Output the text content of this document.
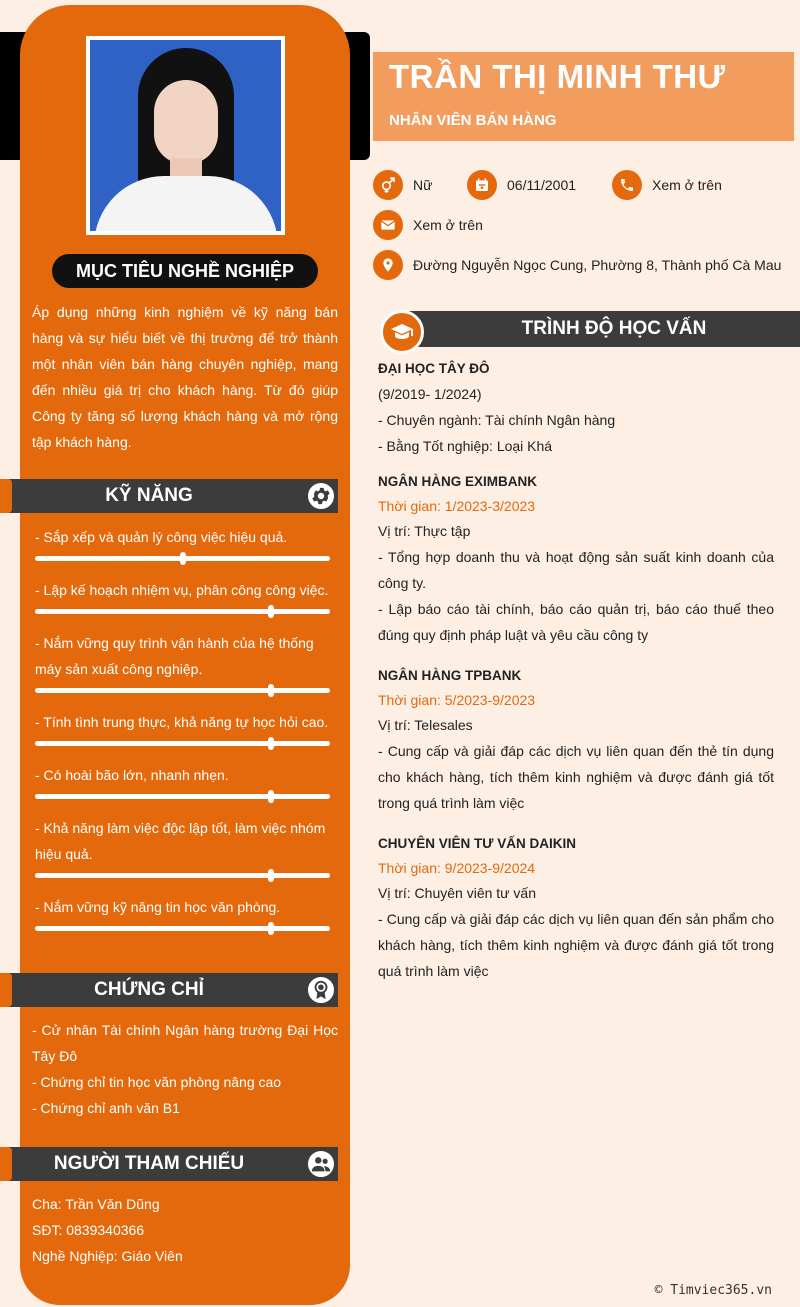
MỤC TIÊU NGHỀ NGHIỆP
Áp dụng những kinh nghiệm về kỹ năng bán hàng và sự hiểu biết về thị trường để trở thành một nhân viên bán hàng chuyên nghiệp, mang đến nhiều giá trị cho khách hàng. Từ đó giúp Công ty tăng số lượng khách hàng và mở rộng tập khách hàng.
KỸ NĂNG
- Sắp xếp và quản lý công việc hiệu quả.
- Lập kế hoạch nhiệm vụ, phân công công việc.
- Nắm vững quy trình vận hành của hệ thống máy sản xuất công nghiệp.
- Tính tình trung thực, khả năng tự học hỏi cao.
- Có hoài bão lớn, nhanh nhẹn.
- Khả năng làm việc độc lập tốt, làm việc nhóm hiệu quả.
- Nắm vững kỹ năng tin học văn phòng.
CHỨNG CHỈ
- Cử nhân Tài chính Ngân hàng trường Đại Học Tây Đô
- Chứng chỉ tin học văn phòng nâng cao
- Chứng chỉ anh văn B1
NGƯỜI THAM CHIẾU
Cha: Trần Văn Dũng
SĐT: 0839340366
Nghề Nghiệp: Giáo Viên
TRẦN THỊ MINH THƯ
NHÂN VIÊN BÁN HÀNG
Nữ	06/11/2001	Xem ở trên
Xem ở trên
Đường Nguyễn Ngọc Cung, Phường 8, Thành phố Cà Mau
TRÌNH ĐỘ HỌC VẤN
ĐẠI HỌC TÂY ĐÔ
(9/2019- 1/2024)
- Chuyên ngành: Tài chính Ngân hàng
- Bằng Tốt nghiệp: Loại Khá
NGÂN HÀNG EXIMBANK
Thời gian: 1/2023-3/2023
Vị trí: Thực tập
- Tổng hợp doanh thu và hoạt động sản suất kinh doanh của công ty.
- Lập báo cáo tài chính, báo cáo quản trị, báo cáo thuế theo đúng quy định pháp luật và yêu cầu công ty
NGÂN HÀNG TPBANK
Thời gian: 5/2023-9/2023
Vị trí: Telesales
- Cung cấp và giải đáp các dịch vụ liên quan đến thẻ tín dụng cho khách hàng, tích thêm kinh nghiệm và được đánh giá tốt trong quá trình làm việc
CHUYÊN VIÊN TƯ VẤN DAIKIN
Thời gian: 9/2023-9/2024
Vị trí: Chuyên viên tư vấn
- Cung cấp và giải đáp các dịch vụ liên quan đến sản phẩm cho khách hàng, tích thêm kinh nghiệm và được đánh giá tốt trong quá trình làm việc
© Timviec365.vn
